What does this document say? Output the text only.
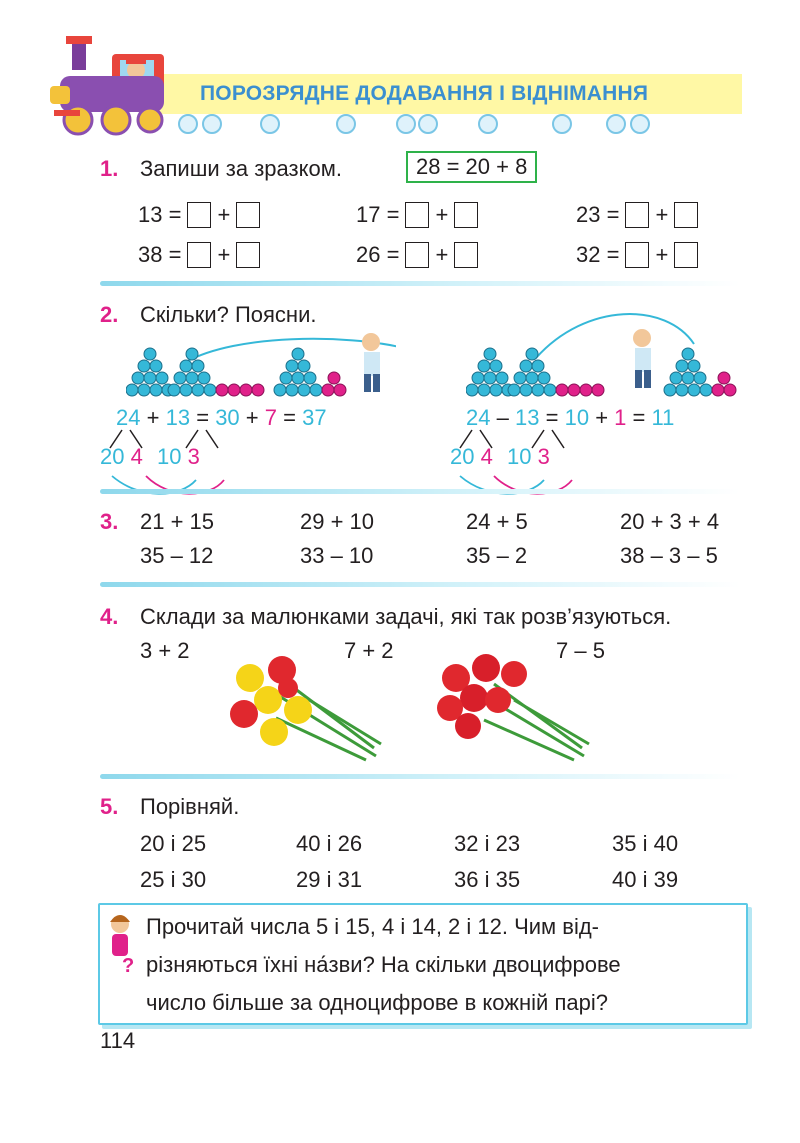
ПОРОЗРЯДНЕ ДОДАВАННЯ І ВІДНІМАННЯ
1. Запиши за зразком.	28 = 20 + 8
13 = +	17 = +	23 = +
38 = +	26 = +	32 = +
2. Скільки? Поясни.
24 + 13 = 30 + 7 = 37
20 4 10 3
24 – 13 = 10 + 1 = 11
20 4 10 3
3. 21 + 15	29 + 10	24 + 5	20 + 3 + 4
35 – 12	33 – 10	35 – 2	38 – 3 – 5
4. Склади за малюнками задачі, які так розв’язуються.
3 + 2	7 + 2	7 – 5
5. Порівняй.
20 і 25	40 і 26	32 і 23	35 і 40
25 і 30	29 і 31	36 і 35	40 і 39
?
Прочитай числа 5 і 15, 4 і 14, 2 і 12. Чим від-
різняються їхні на́зви? На скільки двоцифрове
число більше за одноцифрове в кожній парі?
114
